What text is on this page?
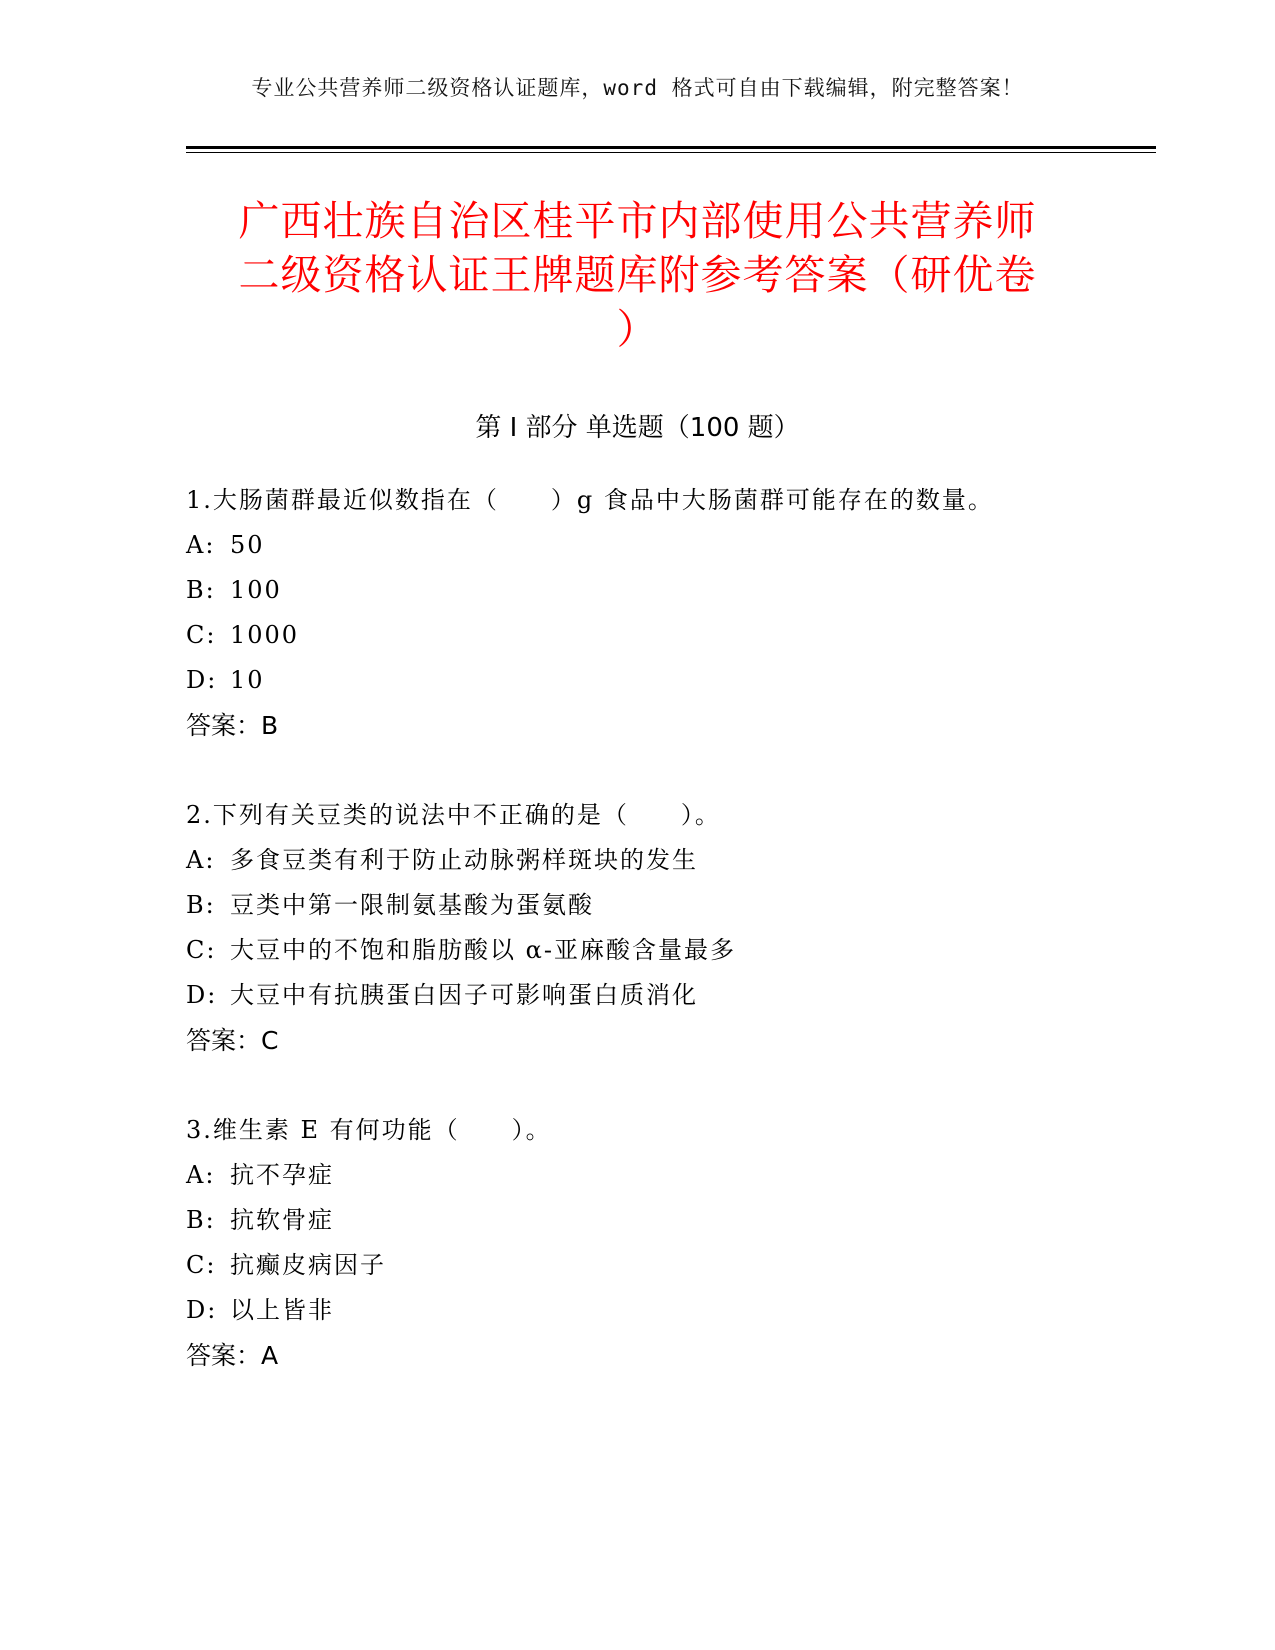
专业公共营养师二级资格认证题库，word 格式可自由下载编辑，附完整答案！
广西壮族自治区桂平市内部使用公共营养师
二级资格认证王牌题库附参考答案（研优卷
）
第 I 部分 单选题（100 题）
1.大肠菌群最近似数指在（　　）g 食品中大肠菌群可能存在的数量。
A: 50
B: 100
C: 1000
D: 10
答案：B
2.下列有关豆类的说法中不正确的是（　　）。
A: 多食豆类有利于防止动脉粥样斑块的发生
B: 豆类中第一限制氨基酸为蛋氨酸
C: 大豆中的不饱和脂肪酸以 α-亚麻酸含量最多
D: 大豆中有抗胰蛋白因子可影响蛋白质消化
答案：C
3.维生素 E 有何功能（　　）。
A: 抗不孕症
B: 抗软骨症
C: 抗癫皮病因子
D: 以上皆非
答案：A
